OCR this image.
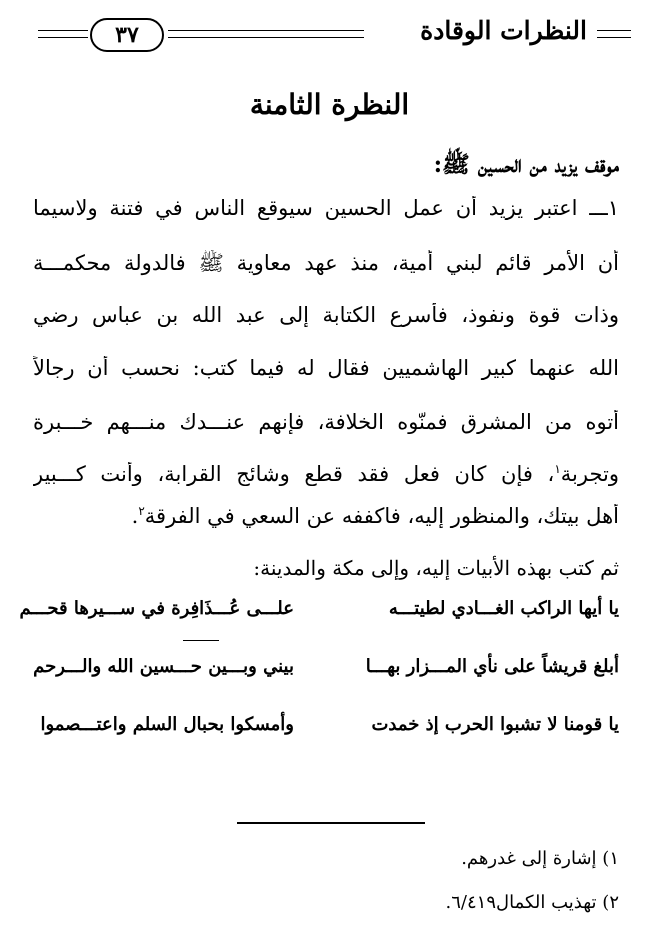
النظرات الوقادة
٣٧
النظرة الثامنة
موقف يزيد من الحسين ﷺ:
١ـــ اعتبر يزيد أن عمل الحسين سيوقع الناس في فتنة ولاسيما
أن الأمر قائم لبني أمية، منذ عهد معاوية ﷺ فالدولة محكمـــة
وذات قوة ونفوذ، فأسرع الكتابة إلى عبد الله بن عباس رضي
الله عنهما كبير الهاشميين فقال له فيما كتب: نحسب أن رجالاً
أتوه من المشرق فمنّوه الخلافة، فإنهم عنـــدك منـــهم خـــبرة
وتجربة$^١$، فإن كان فعل فقد قطع وشائج القرابة، وأنت كـــبير
أهل بيتك، والمنظور إليه، فاكففه عن السعي في الفرقة$^٢$.
ثم كتب بهذه الأبيات إليه، وإلى مكة والمدينة:
يا أيها الراكب الغـــادي لطيتـــه
علـــى عُـــذَافِرة في ســـيرها قحـــم
أبلغ قريشاً على نأي المـــزار بهـــا
بيني وبـــين حـــسين الله والـــرحم
يا قومنا لا تشبوا الحرب إذ خمدت
وأمسكوا بحبال السلم واعتـــصموا
١) إشارة إلى غدرهم.
٢) تهذيب الكمال٦/٤١٩.
